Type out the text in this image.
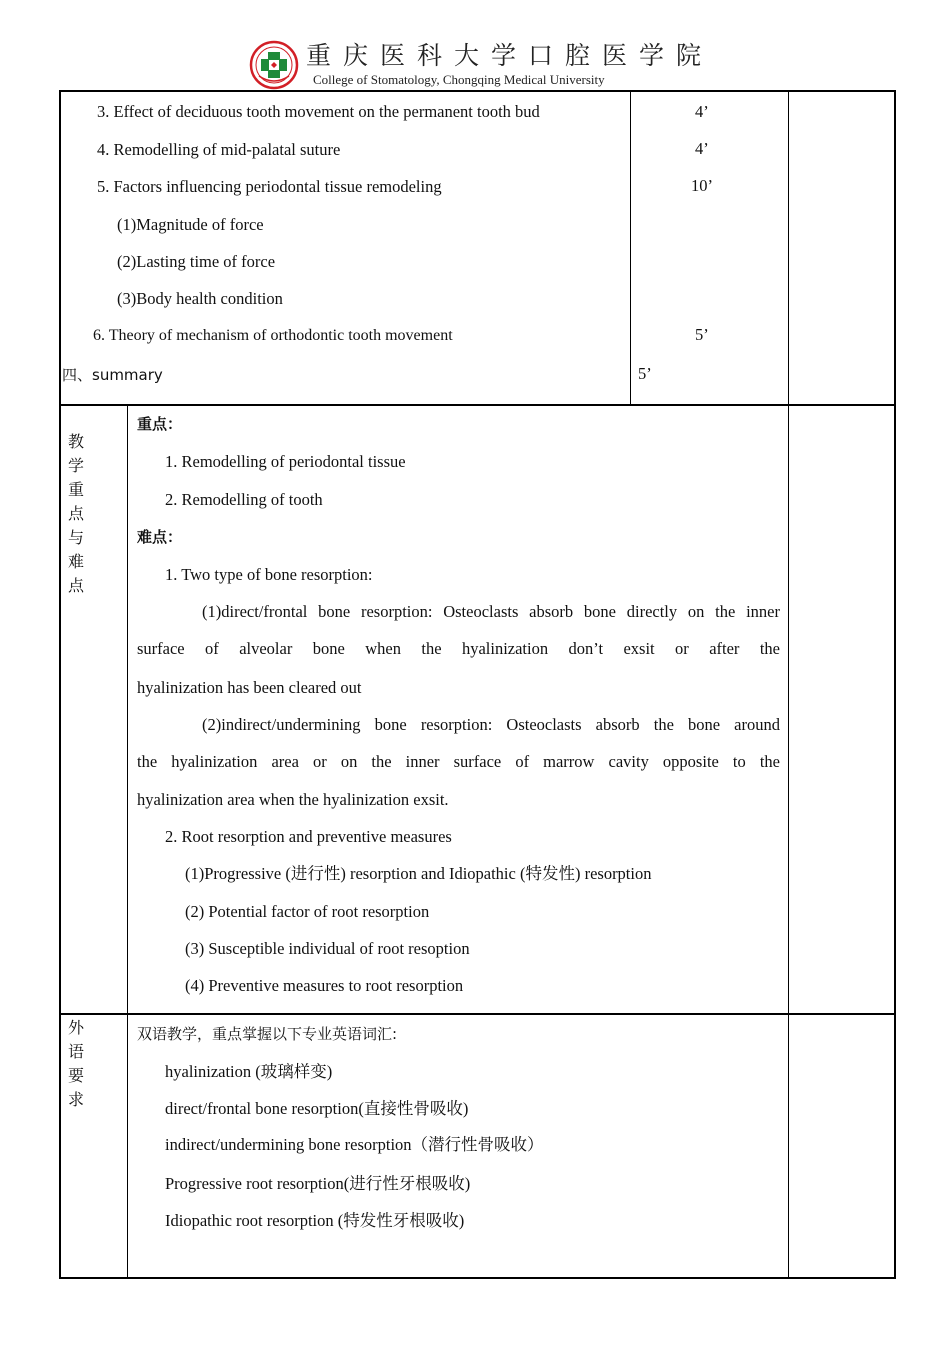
重庆医科大学口腔医学院
College of Stomatology, Chongqing Medical University
3. Effect of deciduous tooth movement on the permanent tooth bud	4’
4. Remodelling of mid-palatal suture	4’
5. Factors influencing periodontal tissue remodeling	10’
(1)Magnitude of force
(2)Lasting time of force
(3)Body health condition
6. Theory of mechanism of orthodontic tooth movement	5’
四、summary	5’
教
学
重
点
与
难
点
重点：
1. Remodelling of periodontal tissue
2. Remodelling of tooth
难点：
1. Two type of bone resorption:
(1)direct/frontal bone resorption: Osteoclasts absorb bone directly on the inner
surface of alveolar bone when the hyalinization don’t exsit or after the
hyalinization has been cleared out
(2)indirect/undermining bone resorption: Osteoclasts absorb the bone around
the hyalinization area or on the inner surface of marrow cavity opposite to the
hyalinization area when the hyalinization exsit.
2. Root resorption and preventive measures
(1)Progressive (进行性) resorption and Idiopathic (特发性) resorption
(2) Potential factor of root resorption
(3) Susceptible individual of root resoption
(4) Preventive measures to root resorption
外
语
要
求
双语教学，重点掌握以下专业英语词汇:
hyalinization (玻璃样变)
direct/frontal bone resorption(直接性骨吸收)
indirect/undermining bone resorption（潜行性骨吸收）
Progressive root resorption(进行性牙根吸收)
Idiopathic root resorption (特发性牙根吸收)
